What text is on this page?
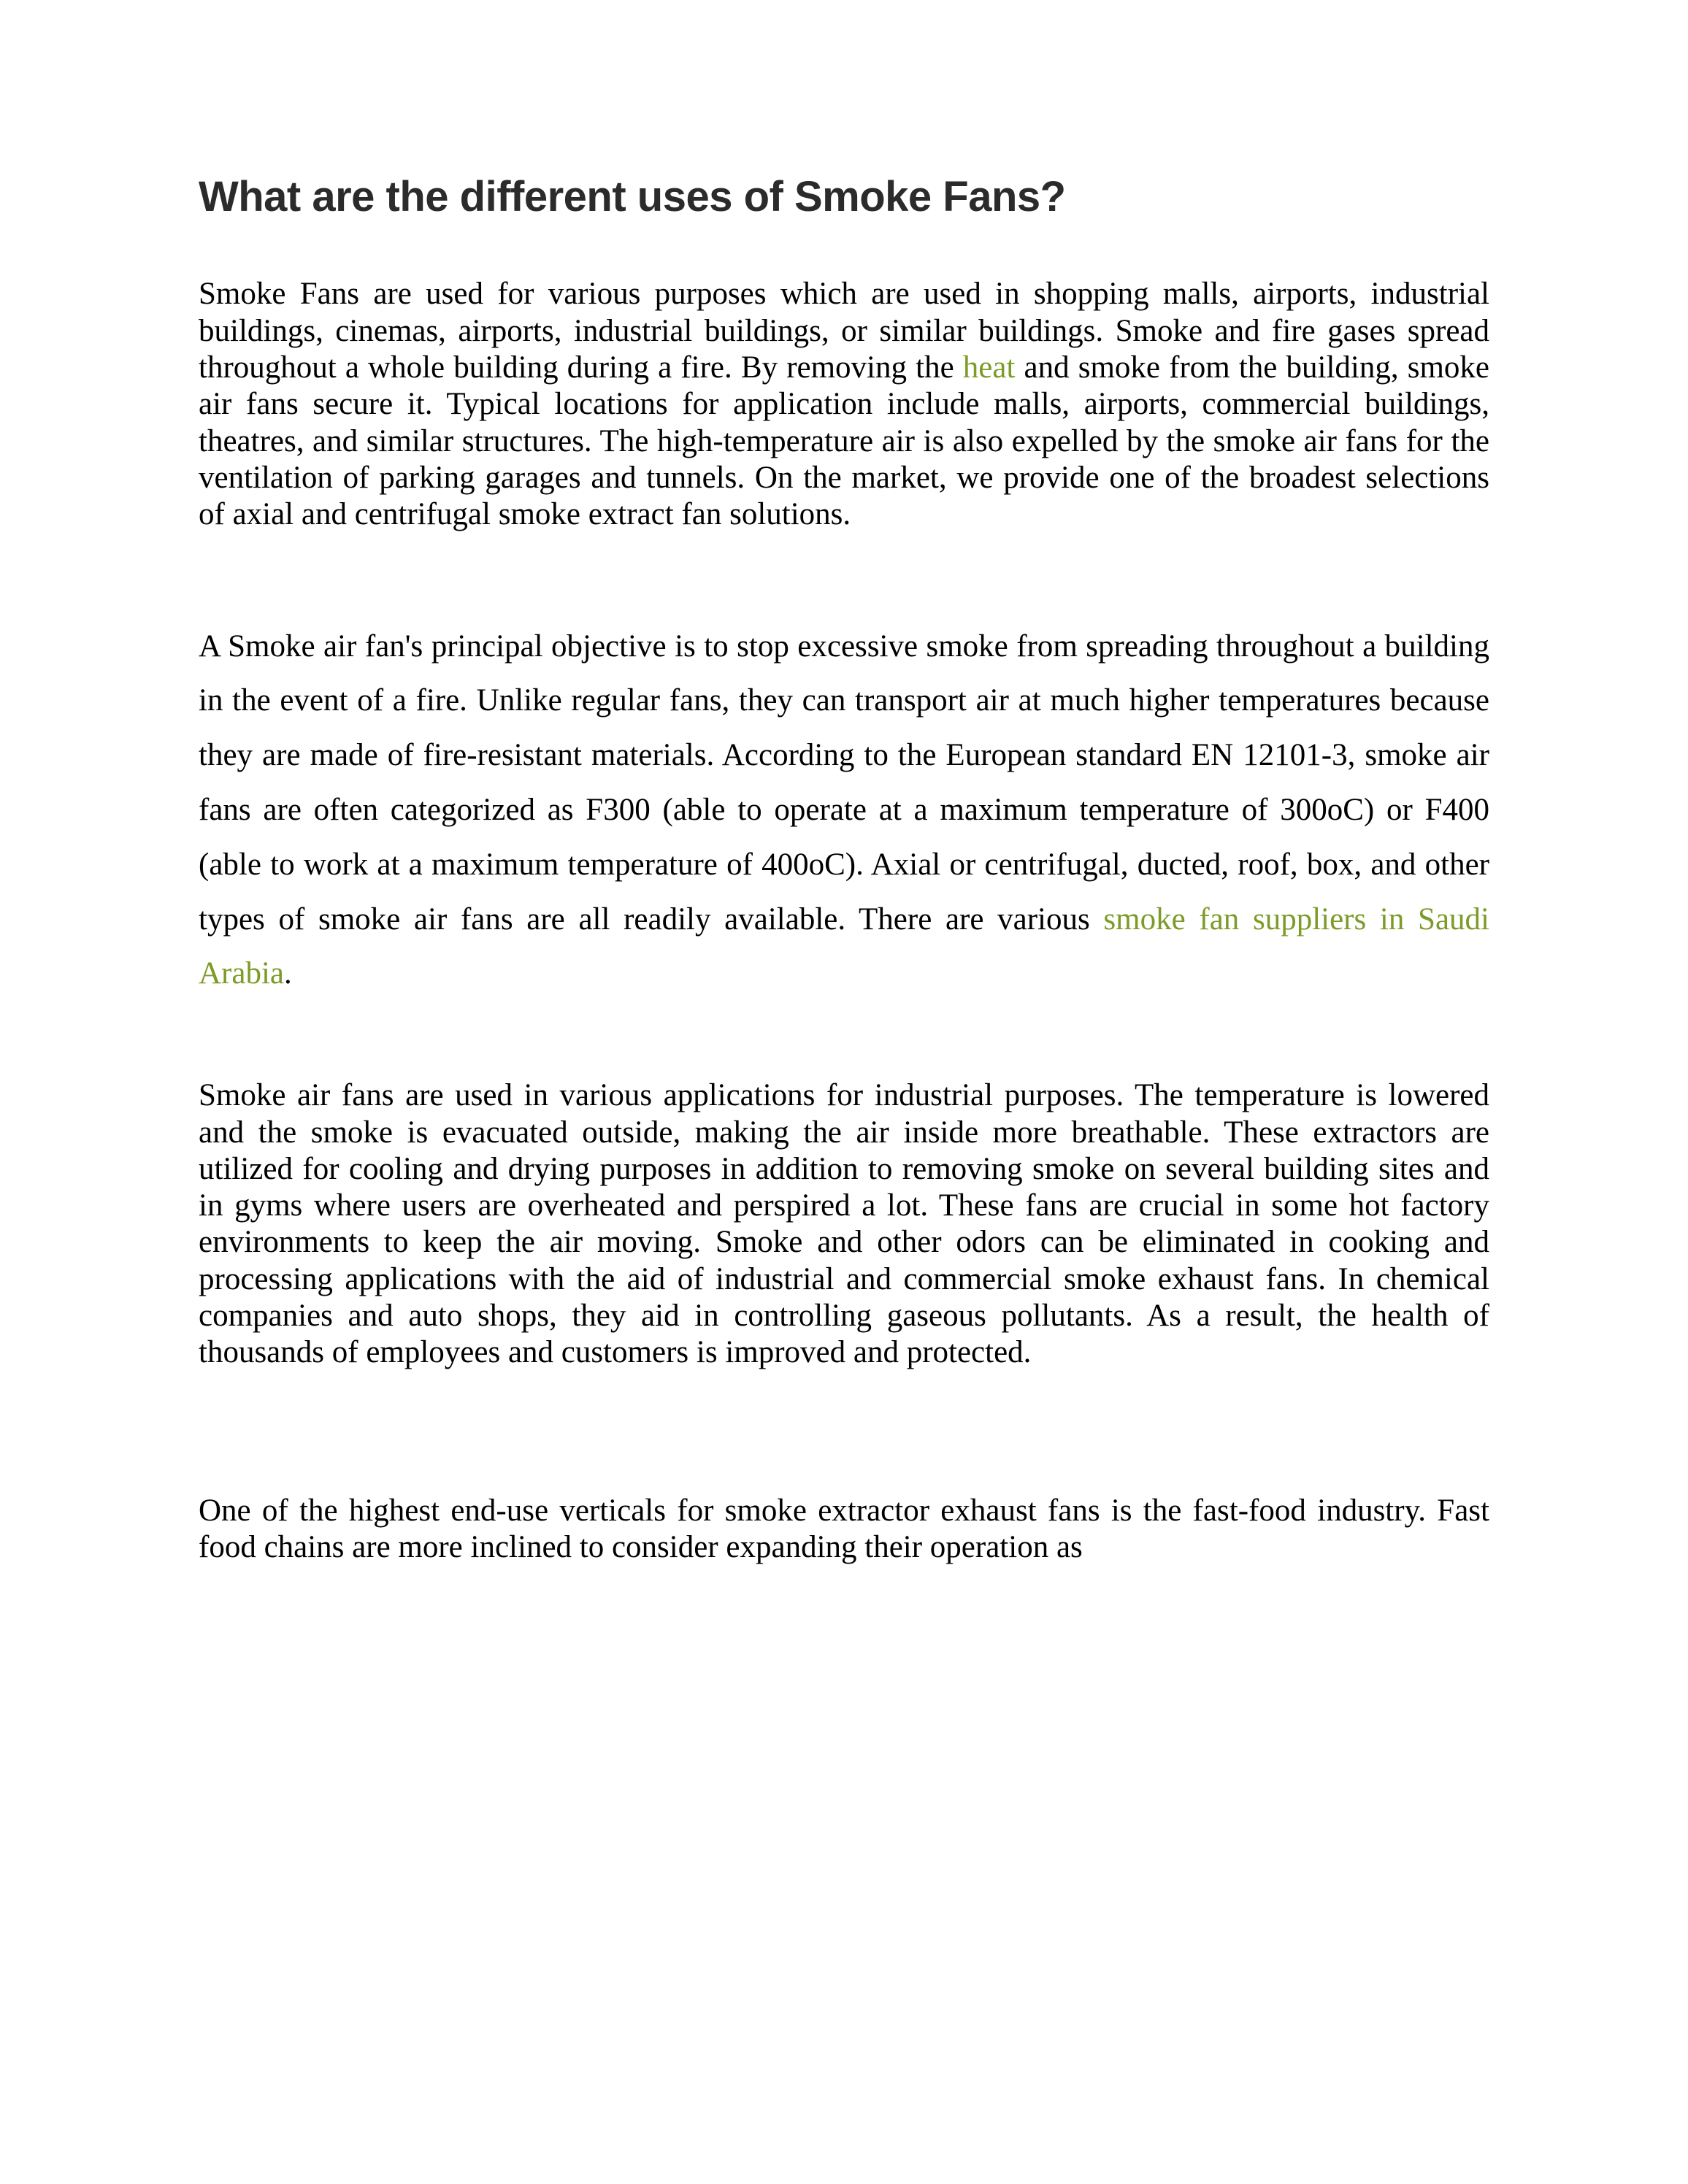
What are the different uses of Smoke Fans?

Smoke Fans are used for various purposes which are used in shopping malls, airports, industrial buildings, cinemas, airports, industrial buildings, or similar buildings. Smoke and fire gases spread throughout a whole building during a fire. By removing the heat and smoke from the building, smoke air fans secure it. Typical locations for application include malls, airports, commercial buildings, theatres, and similar structures. The high-temperature air is also expelled by the smoke air fans for the ventilation of parking garages and tunnels. On the market, we provide one of the broadest selections of axial and centrifugal smoke extract fan solutions.

A Smoke air fan's principal objective is to stop excessive smoke from spreading throughout a building in the event of a fire. Unlike regular fans, they can transport air at much higher temperatures because they are made of fire-resistant materials. According to the European standard EN 12101-3, smoke air fans are often categorized as F300 (able to operate at a maximum temperature of 300oC) or F400 (able to work at a maximum temperature of 400oC). Axial or centrifugal, ducted, roof, box, and other types of smoke air fans are all readily available. There are various smoke fan suppliers in Saudi Arabia.

Smoke air fans are used in various applications for industrial purposes. The temperature is lowered and the smoke is evacuated outside, making the air inside more breathable. These extractors are utilized for cooling and drying purposes in addition to removing smoke on several building sites and in gyms where users are overheated and perspired a lot. These fans are crucial in some hot factory environments to keep the air moving. Smoke and other odors can be eliminated in cooking and processing applications with the aid of industrial and commercial smoke exhaust fans. In chemical companies and auto shops, they aid in controlling gaseous pollutants. As a result, the health of thousands of employees and customers is improved and protected.

One of the highest end-use verticals for smoke extractor exhaust fans is the fast-food industry. Fast food chains are more inclined to consider expanding their operation as
